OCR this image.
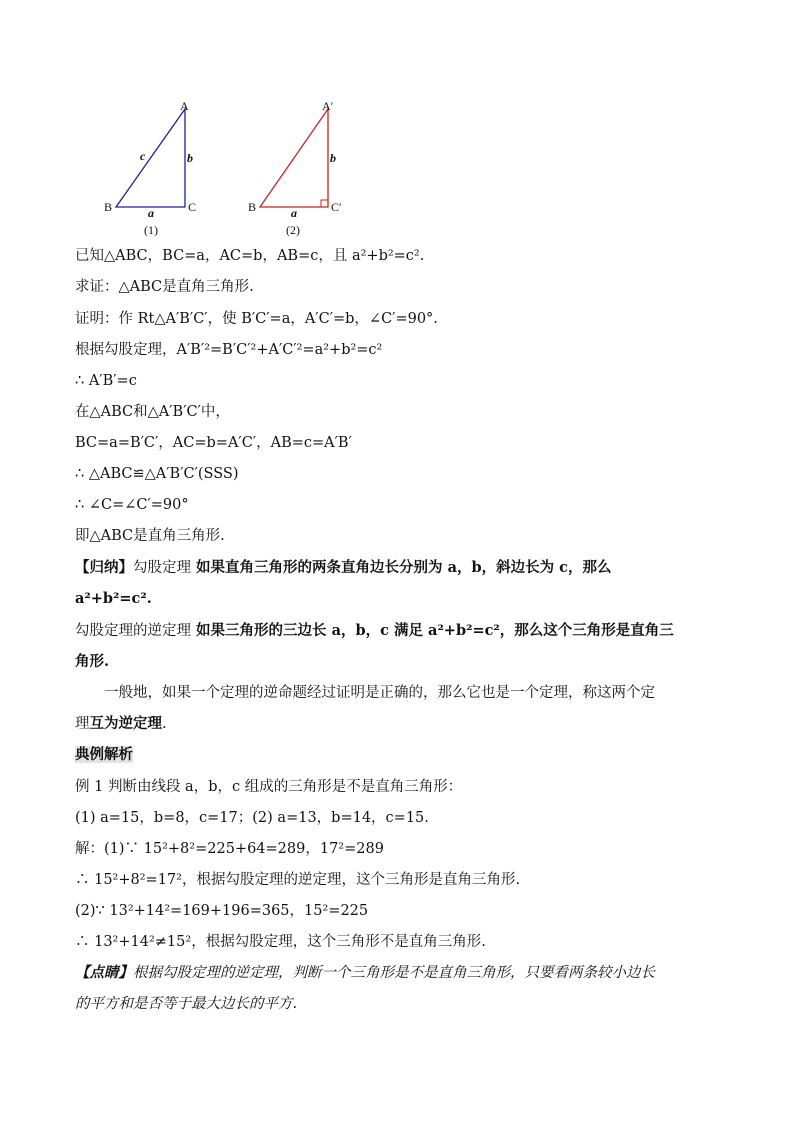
A
B	C
c	b
a
(1)
A′
B	C′
b
a
(2)
已知△ABC，BC=a，AC=b，AB=c，且 a²+b²=c².
求证：△ABC是直角三角形.
证明：作 Rt△A′B′C′，使 B′C′=a，A′C′=b，∠C′=90°.
根据勾股定理，A′B′²=B′C′²+A′C′²=a²+b²=c²
∴ A′B′=c
在△ABC和△A′B′C′中，
BC=a=B′C′，AC=b=A′C′，AB=c=A′B′
∴ △ABC≌△A′B′C′(SSS)
∴ ∠C=∠C′=90°
即△ABC是直角三角形.
【归纳】勾股定理 如果直角三角形的两条直角边长分别为 a，b，斜边长为 c，那么
a²+b²=c².
勾股定理的逆定理 如果三角形的三边长 a，b，c 满足 a²+b²=c²，那么这个三角形是直角三
角形.
一般地，如果一个定理的逆命题经过证明是正确的，那么它也是一个定理，称这两个定
理互为逆定理.
典例解析
例 1 判断由线段 a，b，c 组成的三角形是不是直角三角形：
(1) a=15，b=8，c=17；(2) a=13，b=14，c=15.
解：(1)∵ 15²+8²=225+64=289，17²=289
∴ 15²+8²=17²，根据勾股定理的逆定理，这个三角形是直角三角形.
(2)∵ 13²+14²=169+196=365，15²=225
∴ 13²+14²≠15²，根据勾股定理，这个三角形不是直角三角形.
【点睛】根据勾股定理的逆定理，判断一个三角形是不是直角三角形，只要看两条较小边长
的平方和是否等于最大边长的平方.
